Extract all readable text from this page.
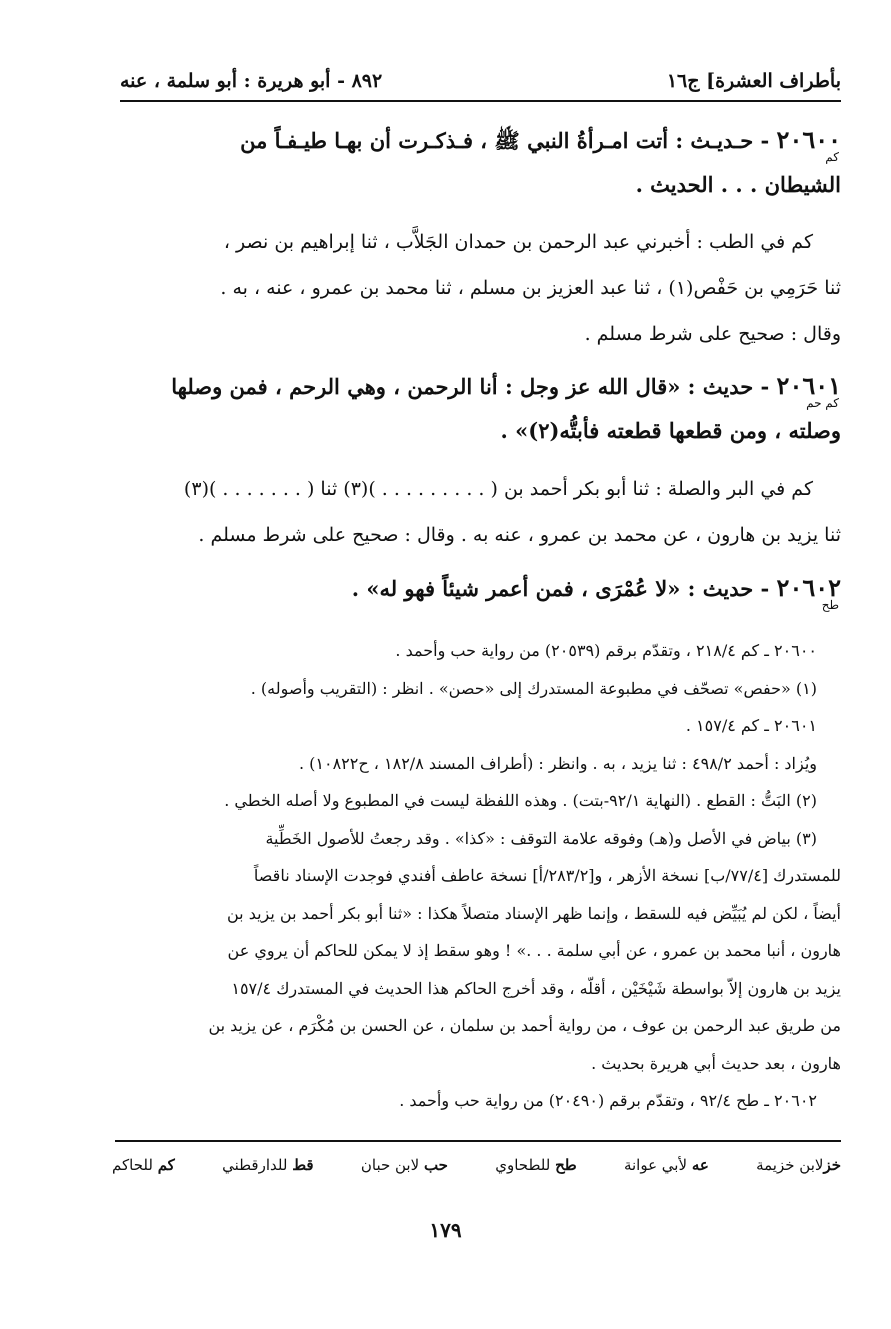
بأطراف العشرة] ج١٦
٨٩٢ - أبو هريرة : أبو سلمة ، عنه

٢٠٦٠٠
كم
- حـديـث : أتت امـرأةُ النبي ﷺ ، فـذكـرت أن بهـا طيـفـاً من

الشيطان . . . الحديث .

كم في الطب : أخبرني عبد الرحمن بن حمدان الجَلاَّب ، ثنا إبراهيم بن نصر ،

ثنا حَرَمِي بن حَفْص(١) ، ثنا عبد العزيز بن مسلم ، ثنا محمد بن عمرو ، عنه ، به .

وقال : صحيح على شرط مسلم .

٢٠٦٠١
كم حم
- حديث : «قال الله عز وجل : أنا الرحمن ، وهي الرحم ، فمن وصلها

وصلته ، ومن قطعها قطعته فأبتُّه(٢)» .

كم في البر والصلة : ثنا أبو بكر أحمد بن ( . . . . . . . . . )(٣) ثنا ( . . . . . . . )(٣)

ثنا يزيد بن هارون ، عن محمد بن عمرو ، عنه به . وقال : صحيح على شرط مسلم .

٢٠٦٠٢
طح
- حديث : «لا عُمْرَى ، فمن أعمر شيئاً فهو له» .

٢٠٦٠٠ ـ كم ٢١٨/٤ ، وتقدّم برقم (٢٠٥٣٩) من رواية حب وأحمد .

(١) «حفص» تصحّف في مطبوعة المستدرك إلى «حصن» . انظر : (التقريب وأصوله) .

٢٠٦٠١ ـ كم ١٥٧/٤ .

ويُزاد : أحمد ٤٩٨/٢ : ثنا يزيد ، به . وانظر : (أطراف المسند ١٨٢/٨ ، ح١٠٨٢٢) .

(٢) البَتُّ : القطع . (النهاية ٩٢/١-بتت) . وهذه اللفظة ليست في المطبوع ولا أصله الخطي .

(٣) بياض في الأصل و(هـ) وفوقه علامة التوقف : «كذا» . وقد رجعتُ للأصول الخَطِّية

للمستدرك [٧٧/٤/ب] نسخة الأزهر ، و[٢٨٣/٢/أ] نسخة عاطف أفندي فوجدت الإسناد ناقصاً

أيضاً ، لكن لم يُبَيِّض فيه للسقط ، وإنما ظهر الإسناد متصلاً هكذا : «ثنا أبو بكر أحمد بن يزيد بن

هارون ، أنبا محمد بن عمرو ، عن أبي سلمة . . .» ! وهو سقط إذ لا يمكن للحاكم أن يروي عن

يزيد بن هارون إلاّ بواسطة شَيْخَيْن ، أقلّه ، وقد أخرج الحاكم هذا الحديث في المستدرك ١٥٧/٤

من طريق عبد الرحمن بن عوف ، من رواية أحمد بن سلمان ، عن الحسن بن مُكْرَم ، عن يزيد بن

هارون ، بعد حديث أبي هريرة بحديث .

٢٠٦٠٢ ـ طح ٩٢/٤ ، وتقدّم برقم (٢٠٤٩٠) من رواية حب وأحمد .

خزلابن خزيمة
عه لأبي عوانة
طح للطحاوي
حب لابن حبان
قط للدارقطني
كم للحاكم
١٧٩
